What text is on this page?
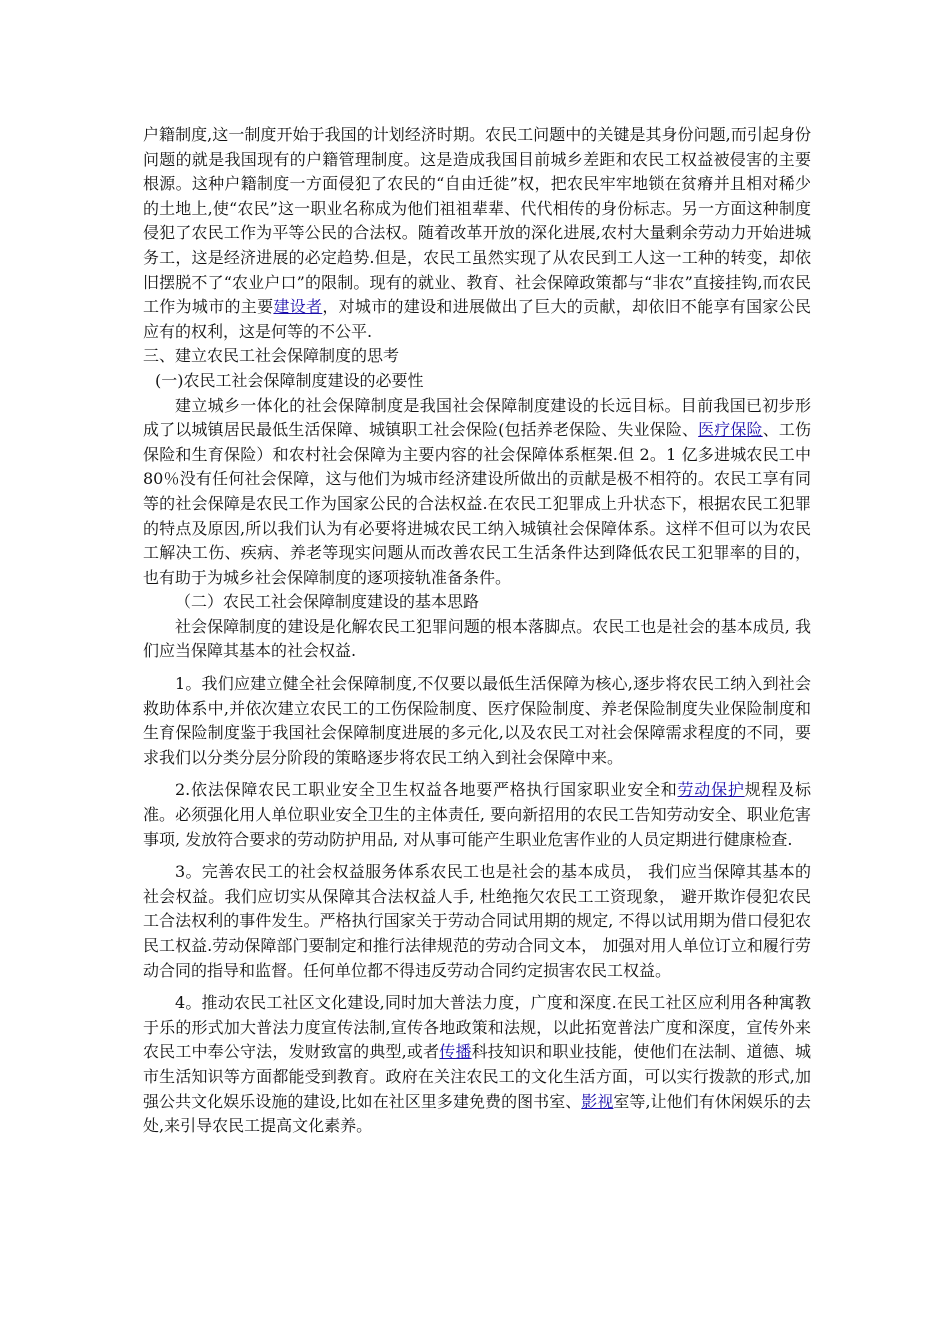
户籍制度,这一制度开始于我国的计划经济时期。农民工问题中的关键是其身份问题,而引起身份问题的就是我国现有的户籍管理制度。这是造成我国目前城乡差距和农民工权益被侵害的主要根源。这种户籍制度一方面侵犯了农民的“自由迁徙”权，把农民牢牢地锁在贫瘠并且相对稀少的土地上,使“农民”这一职业名称成为他们祖祖辈辈、代代相传的身份标志。另一方面这种制度侵犯了农民工作为平等公民的合法权。随着改革开放的深化进展,农村大量剩余劳动力开始进城务工，这是经济进展的必定趋势.但是，农民工虽然实现了从农民到工人这一工种的转变，却依旧摆脱不了“农业户口”的限制。现有的就业、教育、社会保障政策都与“非农”直接挂钩,而农民工作为城市的主要建设者，对城市的建设和进展做出了巨大的贡献，却依旧不能享有国家公民应有的权利，这是何等的不公平.

三、建立农民工社会保障制度的思考

(一)农民工社会保障制度建设的必要性

建立城乡一体化的社会保障制度是我国社会保障制度建设的长远目标。目前我国已初步形成了以城镇居民最低生活保障、城镇职工社会保险(包括养老保险、失业保险、医疗保险、工伤保险和生育保险）和农村社会保障为主要内容的社会保障体系框架.但 2。1 亿多进城农民工中 80％没有任何社会保障，这与他们为城市经济建设所做出的贡献是极不相符的。农民工享有同等的社会保障是农民工作为国家公民的合法权益.在农民工犯罪成上升状态下，根据农民工犯罪的特点及原因,所以我们认为有必要将进城农民工纳入城镇社会保障体系。这样不但可以为农民工解决工伤、疾病、养老等现实问题从而改善农民工生活条件达到降低农民工犯罪率的目的， 也有助于为城乡社会保障制度的逐项接轨准备条件。

（二）农民工社会保障制度建设的基本思路

社会保障制度的建设是化解农民工犯罪问题的根本落脚点。农民工也是社会的基本成员, 我们应当保障其基本的社会权益.

1。我们应建立健全社会保障制度,不仅要以最低生活保障为核心,逐步将农民工纳入到社会救助体系中,并依次建立农民工的工伤保险制度、医疗保险制度、养老保险制度失业保险制度和生育保险制度鉴于我国社会保障制度进展的多元化,以及农民工对社会保障需求程度的不同，要求我们以分类分层分阶段的策略逐步将农民工纳入到社会保障中来。

2.依法保障农民工职业安全卫生权益各地要严格执行国家职业安全和劳动保护规程及标准。必须强化用人单位职业安全卫生的主体责任, 要向新招用的农民工告知劳动安全、职业危害事项, 发放符合要求的劳动防护用品, 对从事可能产生职业危害作业的人员定期进行健康检查.

3。完善农民工的社会权益服务体系农民工也是社会的基本成员， 我们应当保障其基本的社会权益。我们应切实从保障其合法权益人手, 杜绝拖欠农民工工资现象， 避开欺诈侵犯农民工合法权利的事件发生。严格执行国家关于劳动合同试用期的规定, 不得以试用期为借口侵犯农民工权益.劳动保障部门要制定和推行法律规范的劳动合同文本， 加强对用人单位订立和履行劳动合同的指导和监督。任何单位都不得违反劳动合同约定损害农民工权益。

4。推动农民工社区文化建设,同时加大普法力度，广度和深度.在民工社区应利用各种寓教于乐的形式加大普法力度宣传法制,宣传各地政策和法规，以此拓宽普法广度和深度，宣传外来农民工中奉公守法，发财致富的典型,或者传播科技知识和职业技能，使他们在法制、道德、城市生活知识等方面都能受到教育。政府在关注农民工的文化生活方面，可以实行拨款的形式,加强公共文化娱乐设施的建设,比如在社区里多建免费的图书室、影视室等,让他们有休闲娱乐的去处,来引导农民工提高文化素养。
